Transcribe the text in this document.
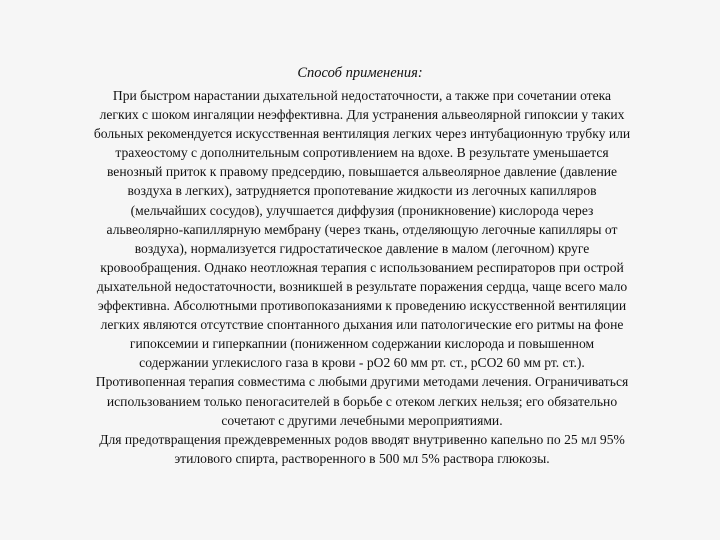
Способ применения:
При быстром нарастании дыхательной недостаточности, а также при сочетании отека
легких с шоком ингаляции неэффективна. Для устранения альвеолярной гипоксии у таких
больных рекомендуется искусственная вентиляция легких через интубационную трубку или
трахеостому с дополнительным сопротивлением на вдохе. В результате уменьшается
венозный приток к правому предсердию, повышается альвеолярное давление (давление
воздуха в легких), затрудняется пропотевание жидкости из легочных капилляров
(мельчайших сосудов), улучшается диффузия (проникновение) кислорода через
альвеолярно-капиллярную мембрану (через ткань, отделяющую легочные капилляры от
воздуха), нормализуется гидростатическое давление в малом (легочном) круге
кровообращения. Однако неотложная терапия с использованием респираторов при острой
дыхательной недостаточности, возникшей в результате поражения сердца, чаще всего мало
эффективна. Абсолютными противопоказаниями к проведению искусственной вентиляции
легких являются отсутствие спонтанного дыхания или патологические его ритмы на фоне
гипоксемии и гиперкапнии (пониженном содержании кислорода и повышенном
содержании углекислого газа в крови - рО2 60 мм рт. ст., рСО2 60 мм рт. ст.).
Противопенная терапия совместима с любыми другими методами лечения. Ограничиваться
использованием только пеногасителей в борьбе с отеком легких нельзя; его обязательно
сочетают с другими лечебными мероприятиями.
Для предотвращения преждевременных родов вводят внутривенно капельно по 25 мл 95%
этилового спирта, растворенного в 500 мл 5% раствора глюкозы.
